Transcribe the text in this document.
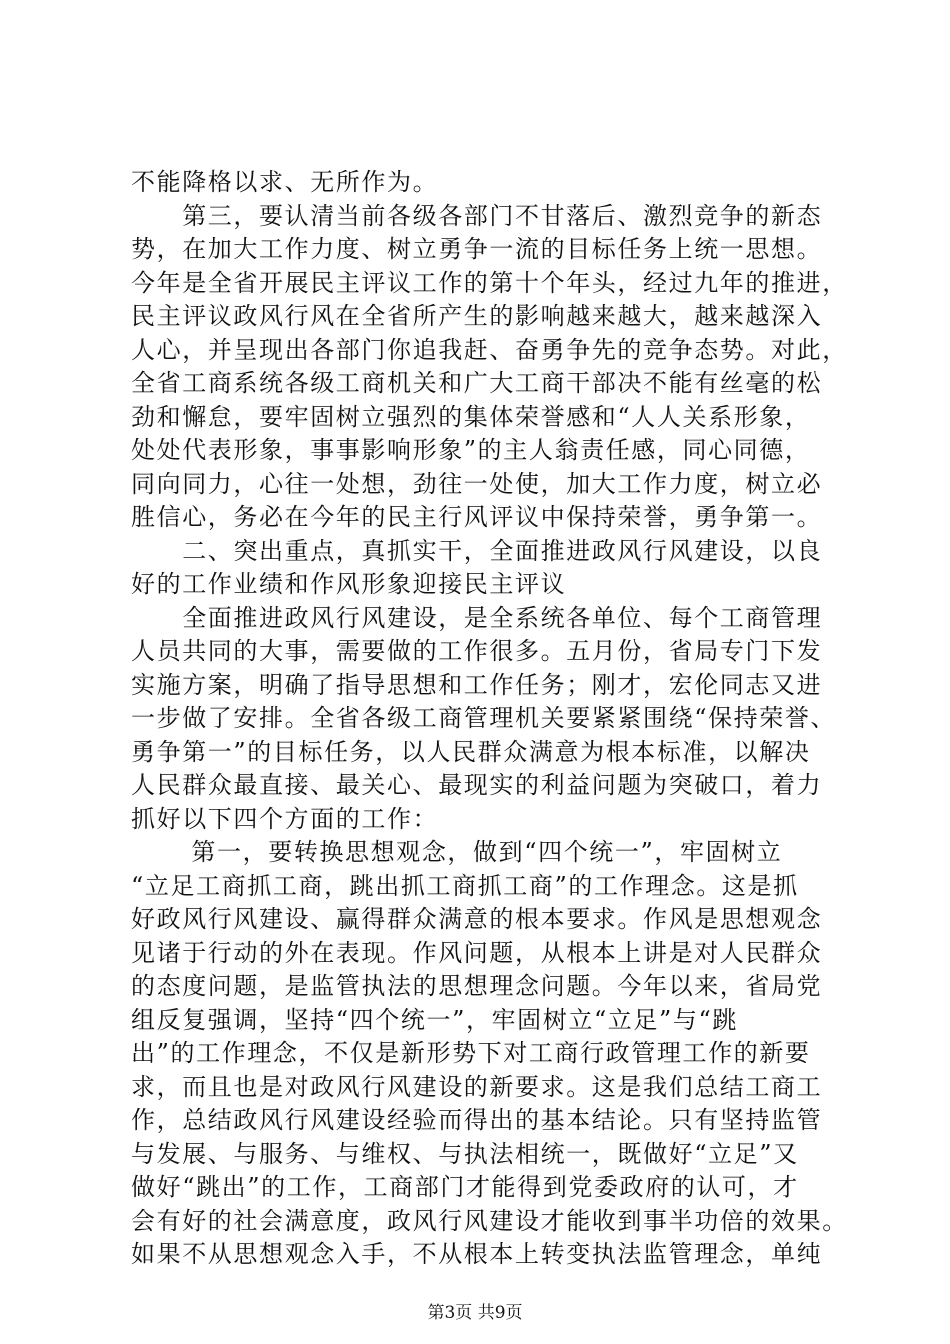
不能降格以求、无所作为。
　　第三，要认清当前各级各部门不甘落后、激烈竞争的新态
势，在加大工作力度、树立勇争一流的目标任务上统一思想。
今年是全省开展民主评议工作的第十个年头，经过九年的推进，
民主评议政风行风在全省所产生的影响越来越大，越来越深入
人心，并呈现出各部门你追我赶、奋勇争先的竞争态势。对此，
全省工商系统各级工商机关和广大工商干部决不能有丝毫的松
劲和懈怠，要牢固树立强烈的集体荣誉感和“人人关系形象，
处处代表形象，事事影响形象”的主人翁责任感，同心同德，
同向同力，心往一处想，劲往一处使，加大工作力度，树立必
胜信心，务必在今年的民主行风评议中保持荣誉，勇争第一。
　　二、突出重点，真抓实干，全面推进政风行风建设，以良
好的工作业绩和作风形象迎接民主评议
　　全面推进政风行风建设，是全系统各单位、每个工商管理
人员共同的大事，需要做的工作很多。五月份，省局专门下发
实施方案，明确了指导思想和工作任务；刚才，宏伦同志又进
一步做了安排。全省各级工商管理机关要紧紧围绕“保持荣誉、
勇争第一”的目标任务，以人民群众满意为根本标准，以解决
人民群众最直接、最关心、最现实的利益问题为突破口，着力
抓好以下四个方面的工作：
　　 第一，要转换思想观念，做到“四个统一”，牢固树立
“立足工商抓工商，跳出抓工商抓工商”的工作理念。这是抓
好政风行风建设、赢得群众满意的根本要求。作风是思想观念
见诸于行动的外在表现。作风问题，从根本上讲是对人民群众
的态度问题，是监管执法的思想理念问题。今年以来，省局党
组反复强调，坚持“四个统一”，牢固树立“立足”与“跳
出”的工作理念，不仅是新形势下对工商行政管理工作的新要
求，而且也是对政风行风建设的新要求。这是我们总结工商工
作，总结政风行风建设经验而得出的基本结论。只有坚持监管
与发展、与服务、与维权、与执法相统一，既做好“立足”又
做好“跳出”的工作，工商部门才能得到党委政府的认可，才
会有好的社会满意度，政风行风建设才能收到事半功倍的效果。
如果不从思想观念入手，不从根本上转变执法监管理念，单纯
第3页 共9页
